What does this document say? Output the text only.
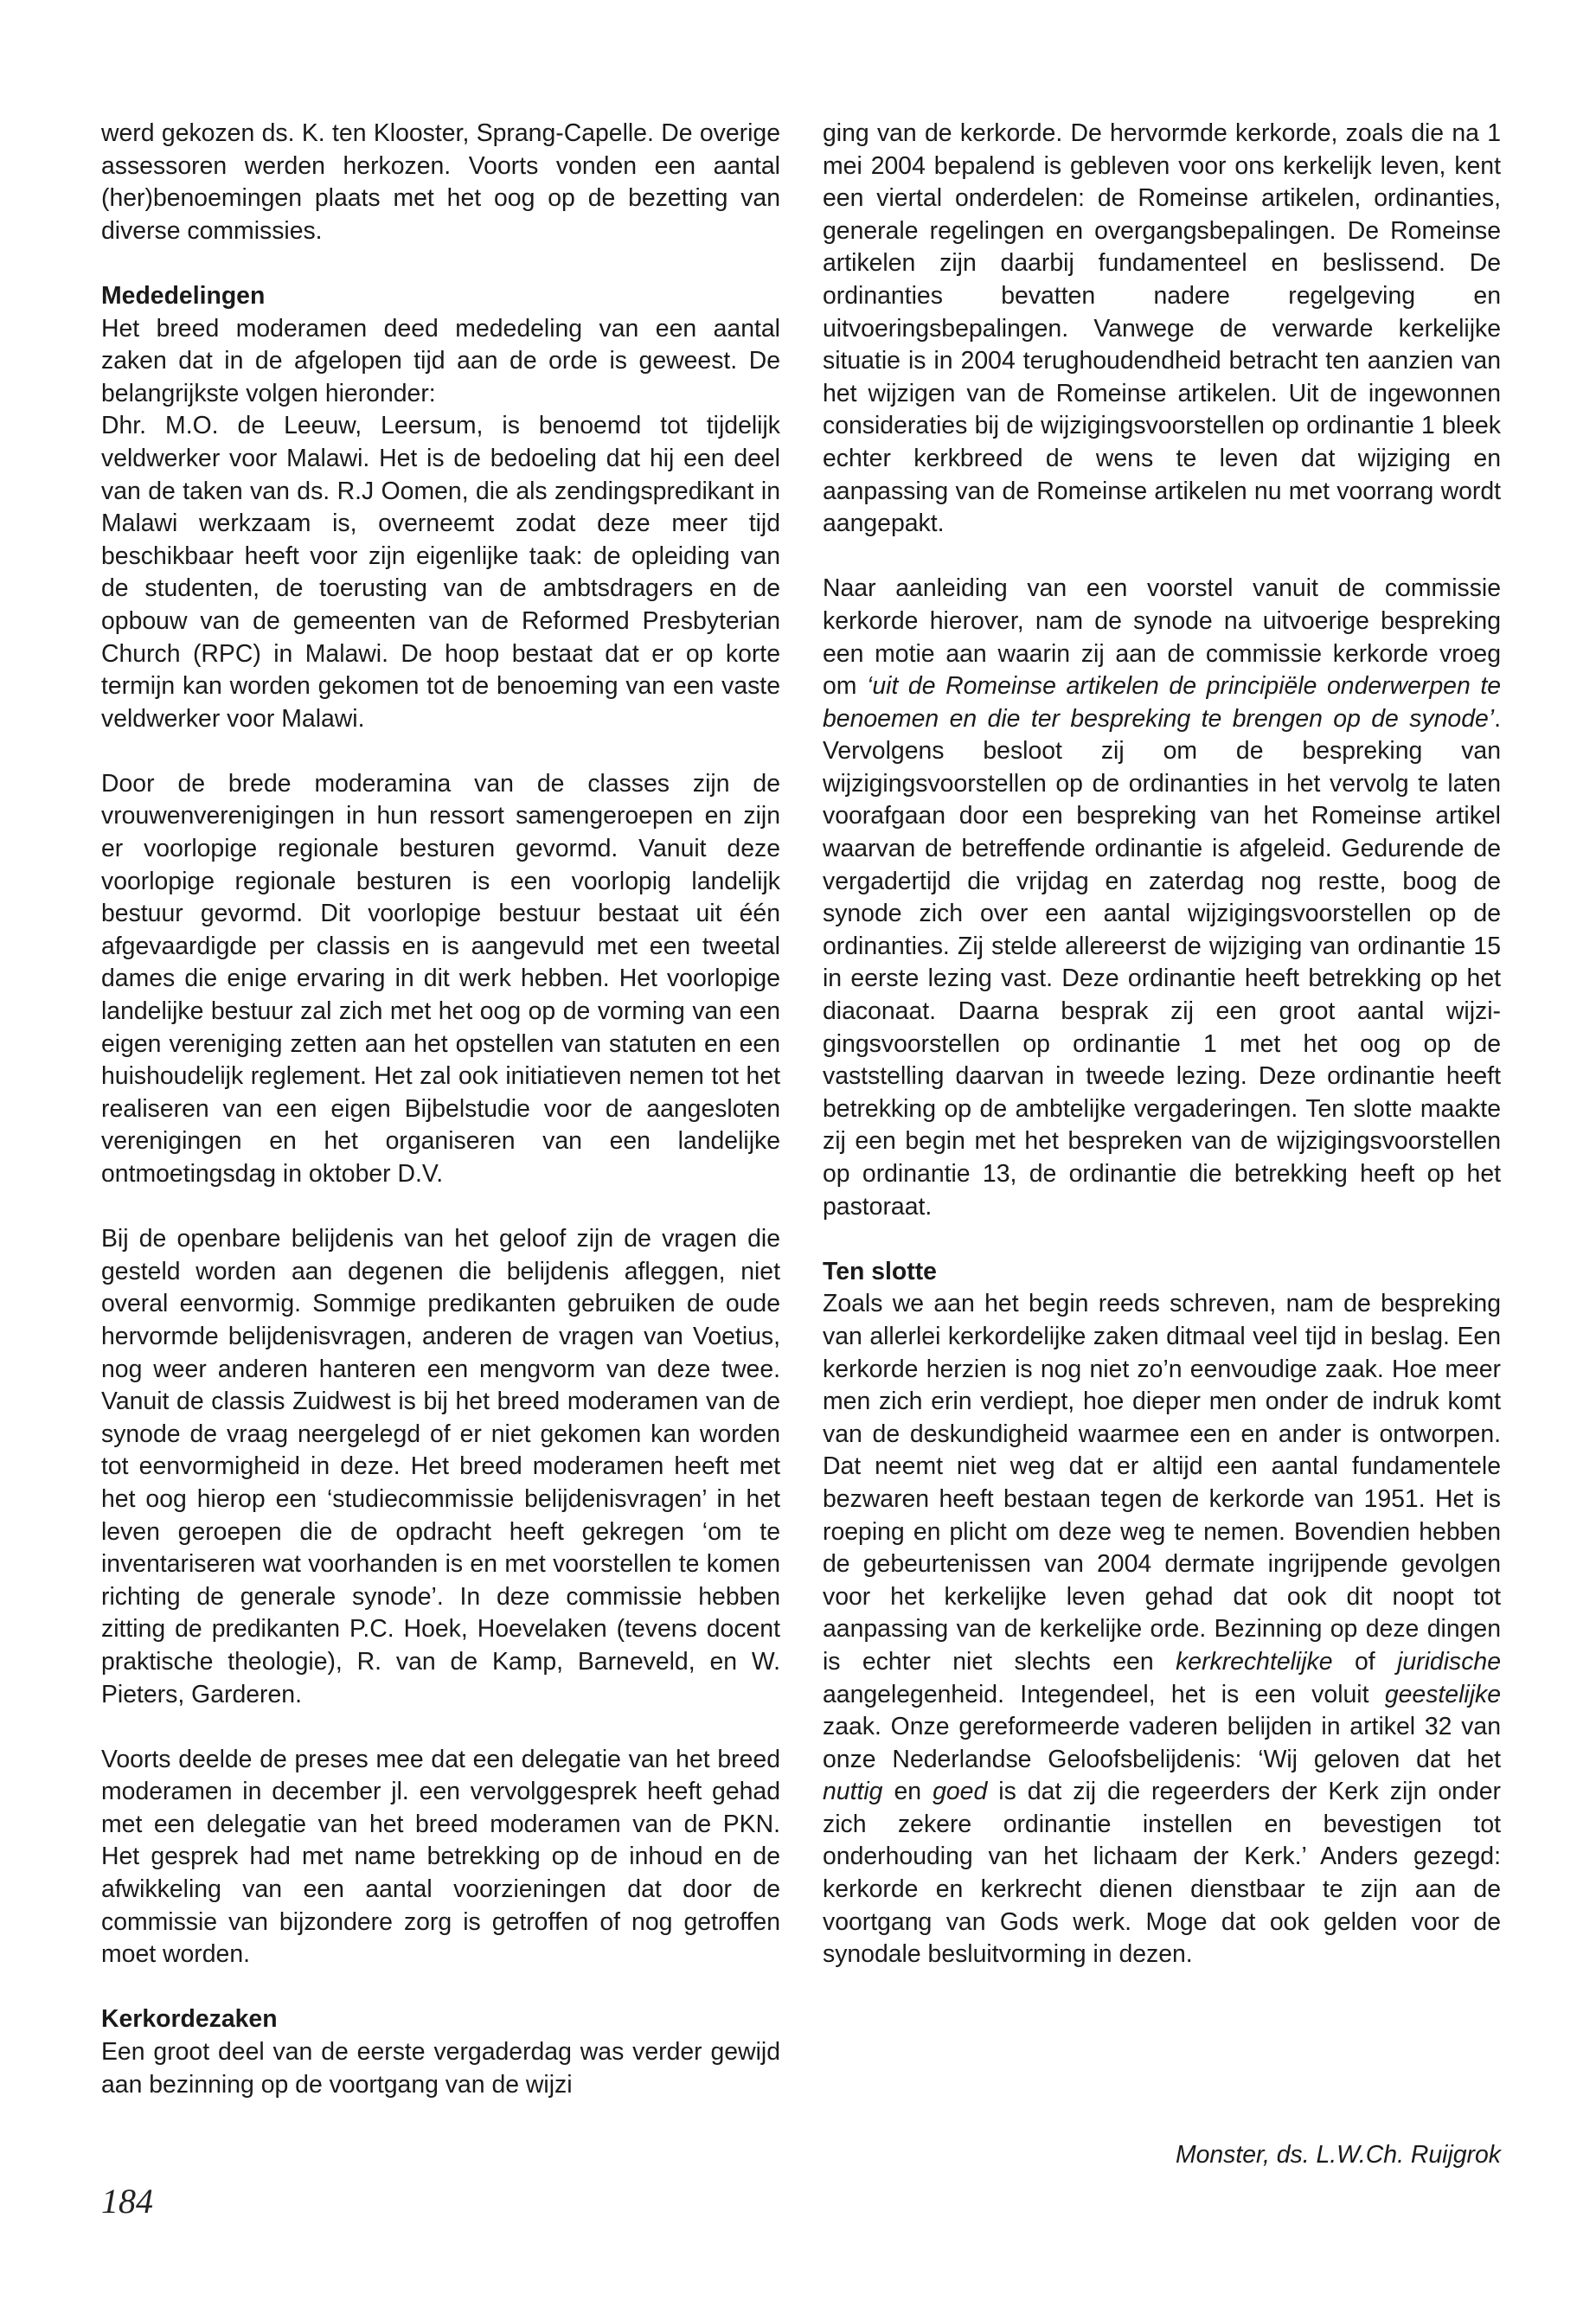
werd gekozen ds. K. ten Klooster, Sprang-Capelle. De overige assessoren werden herkozen. Voorts vonden een aantal (her)benoemingen plaats met het oog op de bezetting van diverse commissies.

Mededelingen

Het breed moderamen deed mededeling van een aantal zaken dat in de afgelopen tijd aan de orde is geweest. De belangrijkste volgen hieronder:

Dhr. M.O. de Leeuw, Leersum, is benoemd tot tijdelijk veldwerker voor Malawi. Het is de bedoeling dat hij een deel van de taken van ds. R.J Oomen, die als zendingspredikant in Malawi werkzaam is, overneemt zodat deze meer tijd beschikbaar heeft voor zijn eigenlijke taak: de opleiding van de studenten, de toerusting van de ambtsdragers en de opbouw van de gemeenten van de Reformed Presbyterian Church (RPC) in Malawi. De hoop bestaat dat er op korte termijn kan worden gekomen tot de benoeming van een vaste veldwerker voor Malawi.

Door de brede moderamina van de classes zijn de vrouwenverenigingen in hun ressort samengeroepen en zijn er voorlopige regionale besturen gevormd. Vanuit deze voorlopige regionale besturen is een voorlopig landelijk bestuur gevormd. Dit voorlopige bestuur bestaat uit één afgevaardigde per classis en is aangevuld met een tweetal dames die enige ervaring in dit werk hebben. Het voorlopige landelijke bestuur zal zich met het oog op de vorming van een eigen vereniging zetten aan het opstellen van statuten en een huishoudelijk reglement. Het zal ook initiatieven nemen tot het realiseren van een eigen Bijbelstudie voor de aangesloten verenigingen en het organiseren van een landelijke ontmoetingsdag in oktober D.V.

Bij de openbare belijdenis van het geloof zijn de vragen die gesteld worden aan degenen die belijdenis afleggen, niet overal eenvormig. Sommige predikanten gebruiken de oude hervormde belijdenisvragen, anderen de vragen van Voetius, nog weer anderen hanteren een mengvorm van deze twee. Vanuit de classis Zuidwest is bij het breed moderamen van de synode de vraag neergelegd of er niet gekomen kan worden tot eenvormigheid in deze. Het breed moderamen heeft met het oog hierop een ‘studiecommissie belijdenisvragen’ in het leven geroepen die de opdracht heeft gekregen ‘om te inventariseren wat voorhanden is en met voorstellen te komen richting de generale synode’. In deze commissie hebben zitting de predikanten P.C. Hoek, Hoevelaken (tevens docent praktische theologie), R. van de Kamp, Barneveld, en W. Pieters, Garderen.

Voorts deelde de preses mee dat een delegatie van het breed moderamen in december jl. een vervolggesprek heeft gehad met een delegatie van het breed moderamen van de PKN. Het gesprek had met name betrekking op de inhoud en de afwikkeling van een aantal voorzieningen dat door de commissie van bijzondere zorg is getroffen of nog getroffen moet worden.

Kerkordezaken

Een groot deel van de eerste vergaderdag was verder gewijd aan bezinning op de voortgang van de wijzi

ging van de kerkorde. De hervormde kerkorde, zoals die na 1 mei 2004 bepalend is gebleven voor ons kerkelijk leven, kent een viertal onderdelen: de Romeinse artikelen, ordinanties, generale regelingen en overgangsbepalingen. De Romeinse artikelen zijn daarbij fundamenteel en beslissend. De ordinanties bevatten nadere regelgeving en uitvoeringsbepalingen. Vanwege de verwarde kerkelijke situatie is in 2004 terughoudendheid betracht ten aanzien van het wijzigen van de Romeinse artikelen. Uit de ingewonnen consideraties bij de wijzigingsvoorstellen op ordinantie 1 bleek echter kerkbreed de wens te leven dat wijziging en aanpassing van de Romeinse artikelen nu met voorrang wordt aangepakt.

Naar aanleiding van een voorstel vanuit de commissie kerkorde hierover, nam de synode na uitvoerige bespreking een motie aan waarin zij aan de commissie kerkorde vroeg om ‘uit de Romeinse artikelen de principiële onderwerpen te benoemen en die ter bespreking te brengen op de synode’. Vervolgens besloot zij om de bespreking van wijzigingsvoorstellen op de ordinanties in het vervolg te laten voorafgaan door een bespreking van het Romeinse artikel waarvan de betreffende ordinantie is afgeleid. Gedurende de vergadertijd die vrijdag en zaterdag nog restte, boog de synode zich over een aantal wijzigingsvoorstellen op de ordinanties. Zij stelde allereerst de wijziging van ordinantie 15 in eerste lezing vast. Deze ordinantie heeft betrekking op het diaconaat. Daarna besprak zij een groot aantal wijzigingsvoorstellen op ordinantie 1 met het oog op de vaststelling daarvan in tweede lezing. Deze ordinantie heeft betrekking op de ambtelijke vergaderingen. Ten slotte maakte zij een begin met het bespreken van de wijzigingsvoorstellen op ordinantie 13, de ordinantie die betrekking heeft op het pastoraat.

Ten slotte

Zoals we aan het begin reeds schreven, nam de bespreking van allerlei kerkordelijke zaken ditmaal veel tijd in beslag. Een kerkorde herzien is nog niet zo’n eenvoudige zaak. Hoe meer men zich erin verdiept, hoe dieper men onder de indruk komt van de deskundigheid waarmee een en ander is ontworpen. Dat neemt niet weg dat er altijd een aantal fundamentele bezwaren heeft bestaan tegen de kerkorde van 1951. Het is roeping en plicht om deze weg te nemen. Bovendien hebben de gebeurtenissen van 2004 dermate ingrijpende gevolgen voor het kerkelijke leven gehad dat ook dit noopt tot aanpassing van de kerkelijke orde. Bezinning op deze dingen is echter niet slechts een kerkrechtelijke of juridische aangelegenheid. Integendeel, het is een voluit geestelijke zaak. Onze gereformeerde vaderen belijden in artikel 32 van onze Nederlandse Geloofsbelijdenis: ‘Wij geloven dat het nuttig en goed is dat zij die regeerders der Kerk zijn onder zich zekere ordinantie instellen en bevestigen tot onderhouding van het lichaam der Kerk.’ Anders gezegd: kerkorde en kerkrecht dienen dienstbaar te zijn aan de voortgang van Gods werk. Moge dat ook gelden voor de synodale besluitvorming in dezen.

Monster, ds. L.W.Ch. Ruijgrok
184
